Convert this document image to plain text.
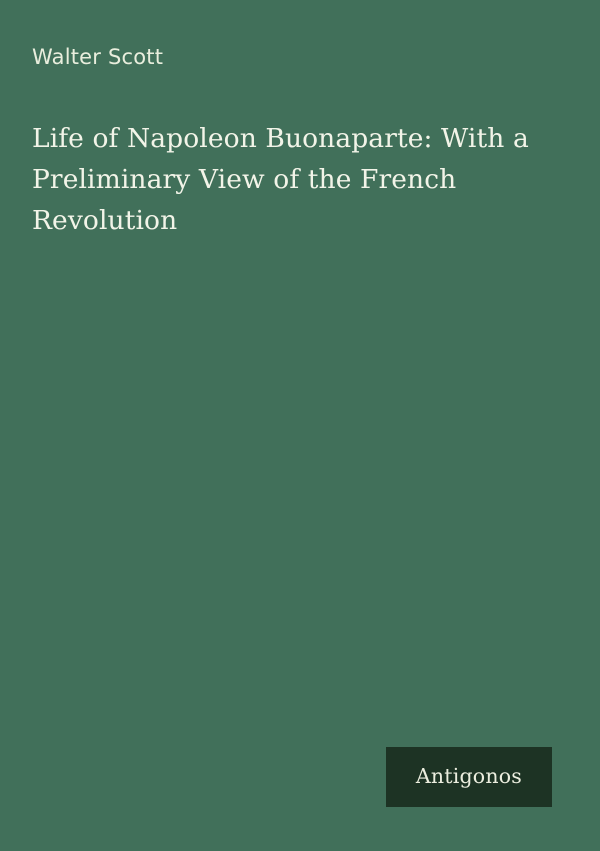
Walter Scott
Life of Napoleon Buonaparte: With a Preliminary View of the French Revolution
Antigonos
